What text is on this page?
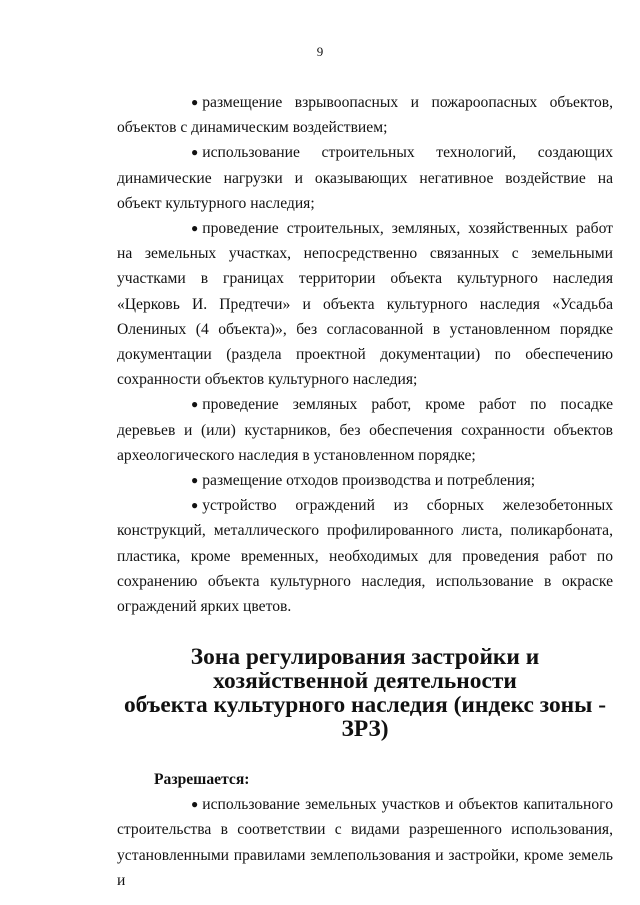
9

● размещение взрывоопасных и пожароопасных объектов, объектов с динамическим воздействием;

● использование строительных технологий, создающих динамические нагрузки и оказывающих негативное воздействие на объект культурного наследия;

● проведение строительных, земляных, хозяйственных работ на земельных участках, непосредственно связанных с земельными участками в границах территории объекта культурного наследия «Церковь И. Предтечи» и объекта культурного наследия «Усадьба Олениных (4 объекта)», без согласованной в установленном порядке документации (раздела проектной документации) по обеспечению сохранности объектов культурного наследия;

● проведение земляных работ, кроме работ по посадке деревьев и (или) кустарников, без обеспечения сохранности объектов археологического наследия в установленном порядке;

● размещение отходов производства и потребления;

● устройство ограждений из сборных железобетонных конструкций, металлического профилированного листа, поликарбоната, пластика, кроме временных, необходимых для проведения работ по сохранению объекта культурного наследия, использование в окраске ограждений ярких цветов.

Зона регулирования застройки и хозяйственной деятельности
объекта культурного наследия (индекс зоны - ЗРЗ)

Разрешается:

● использование земельных участков и объектов капитального строительства в соответствии с видами разрешенного использования, установленными правилами землепользования и застройки, кроме земель и
